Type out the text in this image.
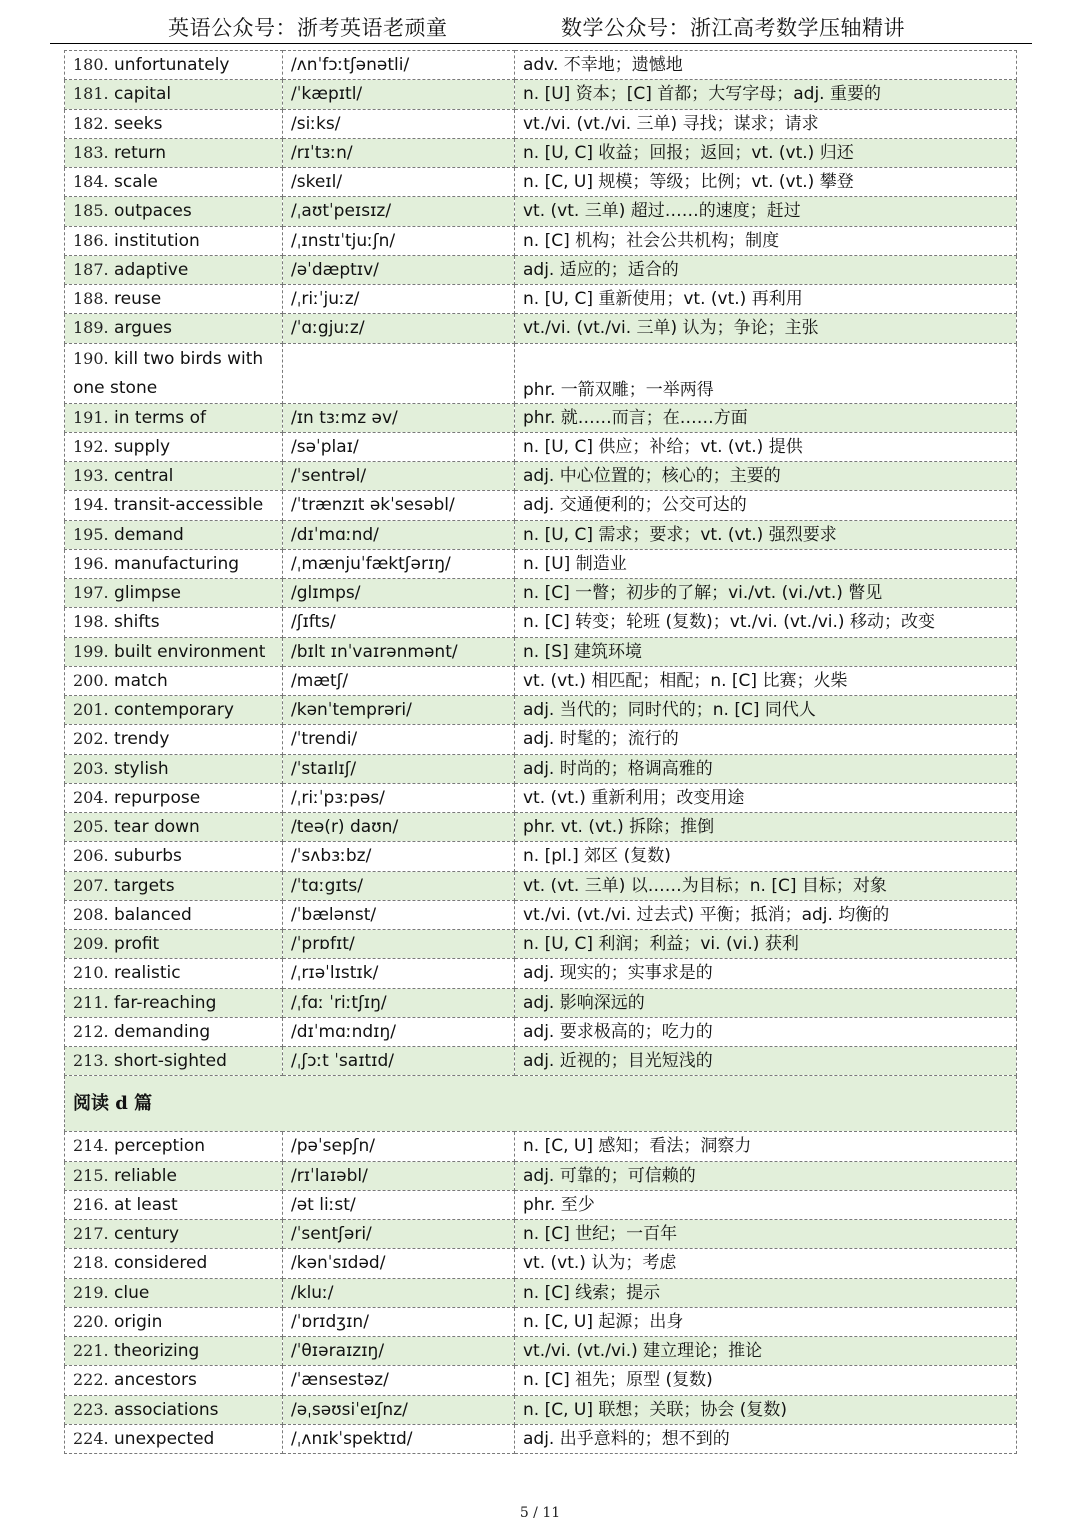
英语公众号：浙考英语老顽童	数学公众号：浙江高考数学压轴精讲
180. unfortunately	/ʌnˈfɔːtʃənətli/	adv. 不幸地；遗憾地
181. capital	/ˈkæpɪtl/	n. [U] 资本；[C] 首都；大写字母；adj. 重要的
182. seeks	/siːks/	vt./vi. (vt./vi. 三单) 寻找；谋求；请求
183. return	/rɪˈtɜːn/	n. [U, C] 收益；回报；返回；vt. (vt.) 归还
184. scale	/skeɪl/	n. [C, U] 规模；等级；比例；vt. (vt.) 攀登
185. outpaces	/ˌaʊtˈpeɪsɪz/	vt. (vt. 三单) 超过……的速度；赶过
186. institution	/ˌɪnstɪˈtjuːʃn/	n. [C] 机构；社会公共机构；制度
187. adaptive	/əˈdæptɪv/	adj. 适应的；适合的
188. reuse	/ˌriːˈjuːz/	n. [U, C] 重新使用；vt. (vt.) 再利用
189. argues	/ˈɑːgjuːz/	vt./vi. (vt./vi. 三单) 认为；争论；主张
190. kill two birds with one stone		phr. 一箭双雕；一举两得
191. in terms of	/ɪn tɜːmz əv/	phr. 就……而言；在……方面
192. supply	/səˈplaɪ/	n. [U, C] 供应；补给；vt. (vt.) 提供
193. central	/ˈsentrəl/	adj. 中心位置的；核心的；主要的
194. transit-accessible	/ˈtrænzɪt əkˈsesəbl/	adj. 交通便利的；公交可达的
195. demand	/dɪˈmɑːnd/	n. [U, C] 需求；要求；vt. (vt.) 强烈要求
196. manufacturing	/ˌmænjuˈfæktʃərɪŋ/	n. [U] 制造业
197. glimpse	/glɪmps/	n. [C] 一瞥；初步的了解；vi./vt. (vi./vt.) 瞥见
198. shifts	/ʃɪfts/	n. [C] 转变；轮班 (复数)；vt./vi. (vt./vi.) 移动；改变
199. built environment	/bɪlt ɪnˈvaɪrənmənt/	n. [S] 建筑环境
200. match	/mætʃ/	vt. (vt.) 相匹配；相配；n. [C] 比赛；火柴
201. contemporary	/kənˈtemprəri/	adj. 当代的；同时代的；n. [C] 同代人
202. trendy	/ˈtrendi/	adj. 时髦的；流行的
203. stylish	/ˈstaɪlɪʃ/	adj. 时尚的；格调高雅的
204. repurpose	/ˌriːˈpɜːpəs/	vt. (vt.) 重新利用；改变用途
205. tear down	/teə(r) daʊn/	phr. vt. (vt.) 拆除；推倒
206. suburbs	/ˈsʌbɜːbz/	n. [pl.] 郊区 (复数)
207. targets	/ˈtɑːgɪts/	vt. (vt. 三单) 以……为目标；n. [C] 目标；对象
208. balanced	/ˈbælənst/	vt./vi. (vt./vi. 过去式) 平衡；抵消；adj. 均衡的
209. profit	/ˈprɒfɪt/	n. [U, C] 利润；利益；vi. (vi.) 获利
210. realistic	/ˌrɪəˈlɪstɪk/	adj. 现实的；实事求是的
211. far-reaching	/ˌfɑː ˈriːtʃɪŋ/	adj. 影响深远的
212. demanding	/dɪˈmɑːndɪŋ/	adj. 要求极高的；吃力的
213. short-sighted	/ˌʃɔːt ˈsaɪtɪd/	adj. 近视的；目光短浅的
阅读 d 篇		
214. perception	/pəˈsepʃn/	n. [C, U] 感知；看法；洞察力
215. reliable	/rɪˈlaɪəbl/	adj. 可靠的；可信赖的
216. at least	/ət liːst/	phr. 至少
217. century	/ˈsentʃəri/	n. [C] 世纪；一百年
218. considered	/kənˈsɪdəd/	vt. (vt.) 认为；考虑
219. clue	/kluː/	n. [C] 线索；提示
220. origin	/ˈɒrɪdʒɪn/	n. [C, U] 起源；出身
221. theorizing	/ˈθɪəraɪzɪŋ/	vt./vi. (vt./vi.) 建立理论；推论
222. ancestors	/ˈænsestəz/	n. [C] 祖先；原型 (复数)
223. associations	/əˌsəʊsiˈeɪʃnz/	n. [C, U] 联想；关联；协会 (复数)
224. unexpected	/ˌʌnɪkˈspektɪd/	adj. 出乎意料的；想不到的
5 / 11
